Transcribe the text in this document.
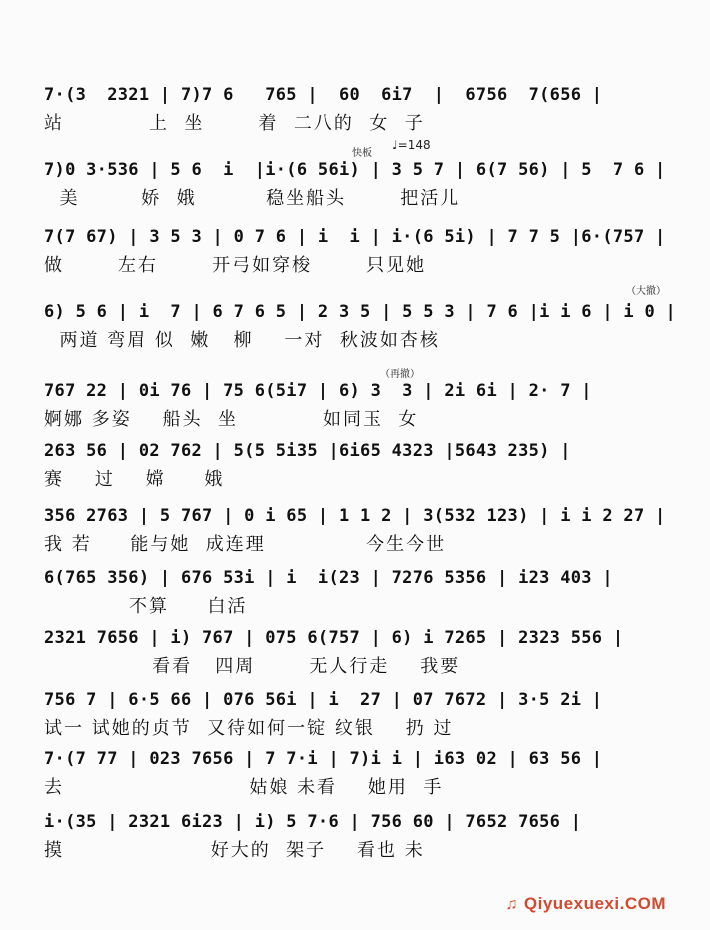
快板
♩=148
（大撤）
（再撤）
7·(3  2321 | 7)7 6   765 |  60  6i7  |  6756  7(656 |
站           上  坐       着  二八的  女  子
7)0 3·536 | 5 6  i  |i·(6 56i) | 3 5 7 | 6(7 56) | 5  7 6 |
美        娇  娥         稳坐船头       把活儿
7(7 67) | 3 5 3 | 0 7 6 | i  i | i·(6 5i) | 7 7 5 |6·(757 |
做       左右       开弓如穿梭       只见她
6) 5 6 | i  7 | 6 7 6 5 | 2 3 5 | 5 5 3 | 7 6 |i i 6 | i 0 |
两道 弯眉 似  嫩   柳    一对  秋波如杏核
767 22 | 0i 76 | 75 6(5i7 | 6) 3  3 | 2i 6i | 2· 7 |
婀娜 多姿    船头  坐           如同玉  女
263 56 | 02 762 | 5(5 5i35 |6i65 4323 |5643 235) |
赛    过    嫦     娥
356 2763 | 5 767 | 0 i 65 | 1 1 2 | 3(532 123) | i i 2 27 |
我 若     能与她  成连理             今生今世
6(765 356) | 676 53i | i  i(23 | 7276 5356 | i23 403 |
不算     白活
2321 7656 | i) 767 | 075 6(757 | 6) i 7265 | 2323 556 |
看看   四周       无人行走    我要
756 7 | 6·5 66 | 076 56i | i  27 | 07 7672 | 3·5 2i |
试一 试她的贞节  又待如何一锭 纹银    扔 过
7·(7 77 | 023 7656 | 7 7·i | 7)i i | i63 02 | 63 56 |
去                        姑娘 未看    她用  手
i·(35 | 2321 6i23 | i) 5 7·6 | 756 60 | 7652 7656 |
摸                   好大的  架子    看也 未
♫ Qiyuexuexi.COM
